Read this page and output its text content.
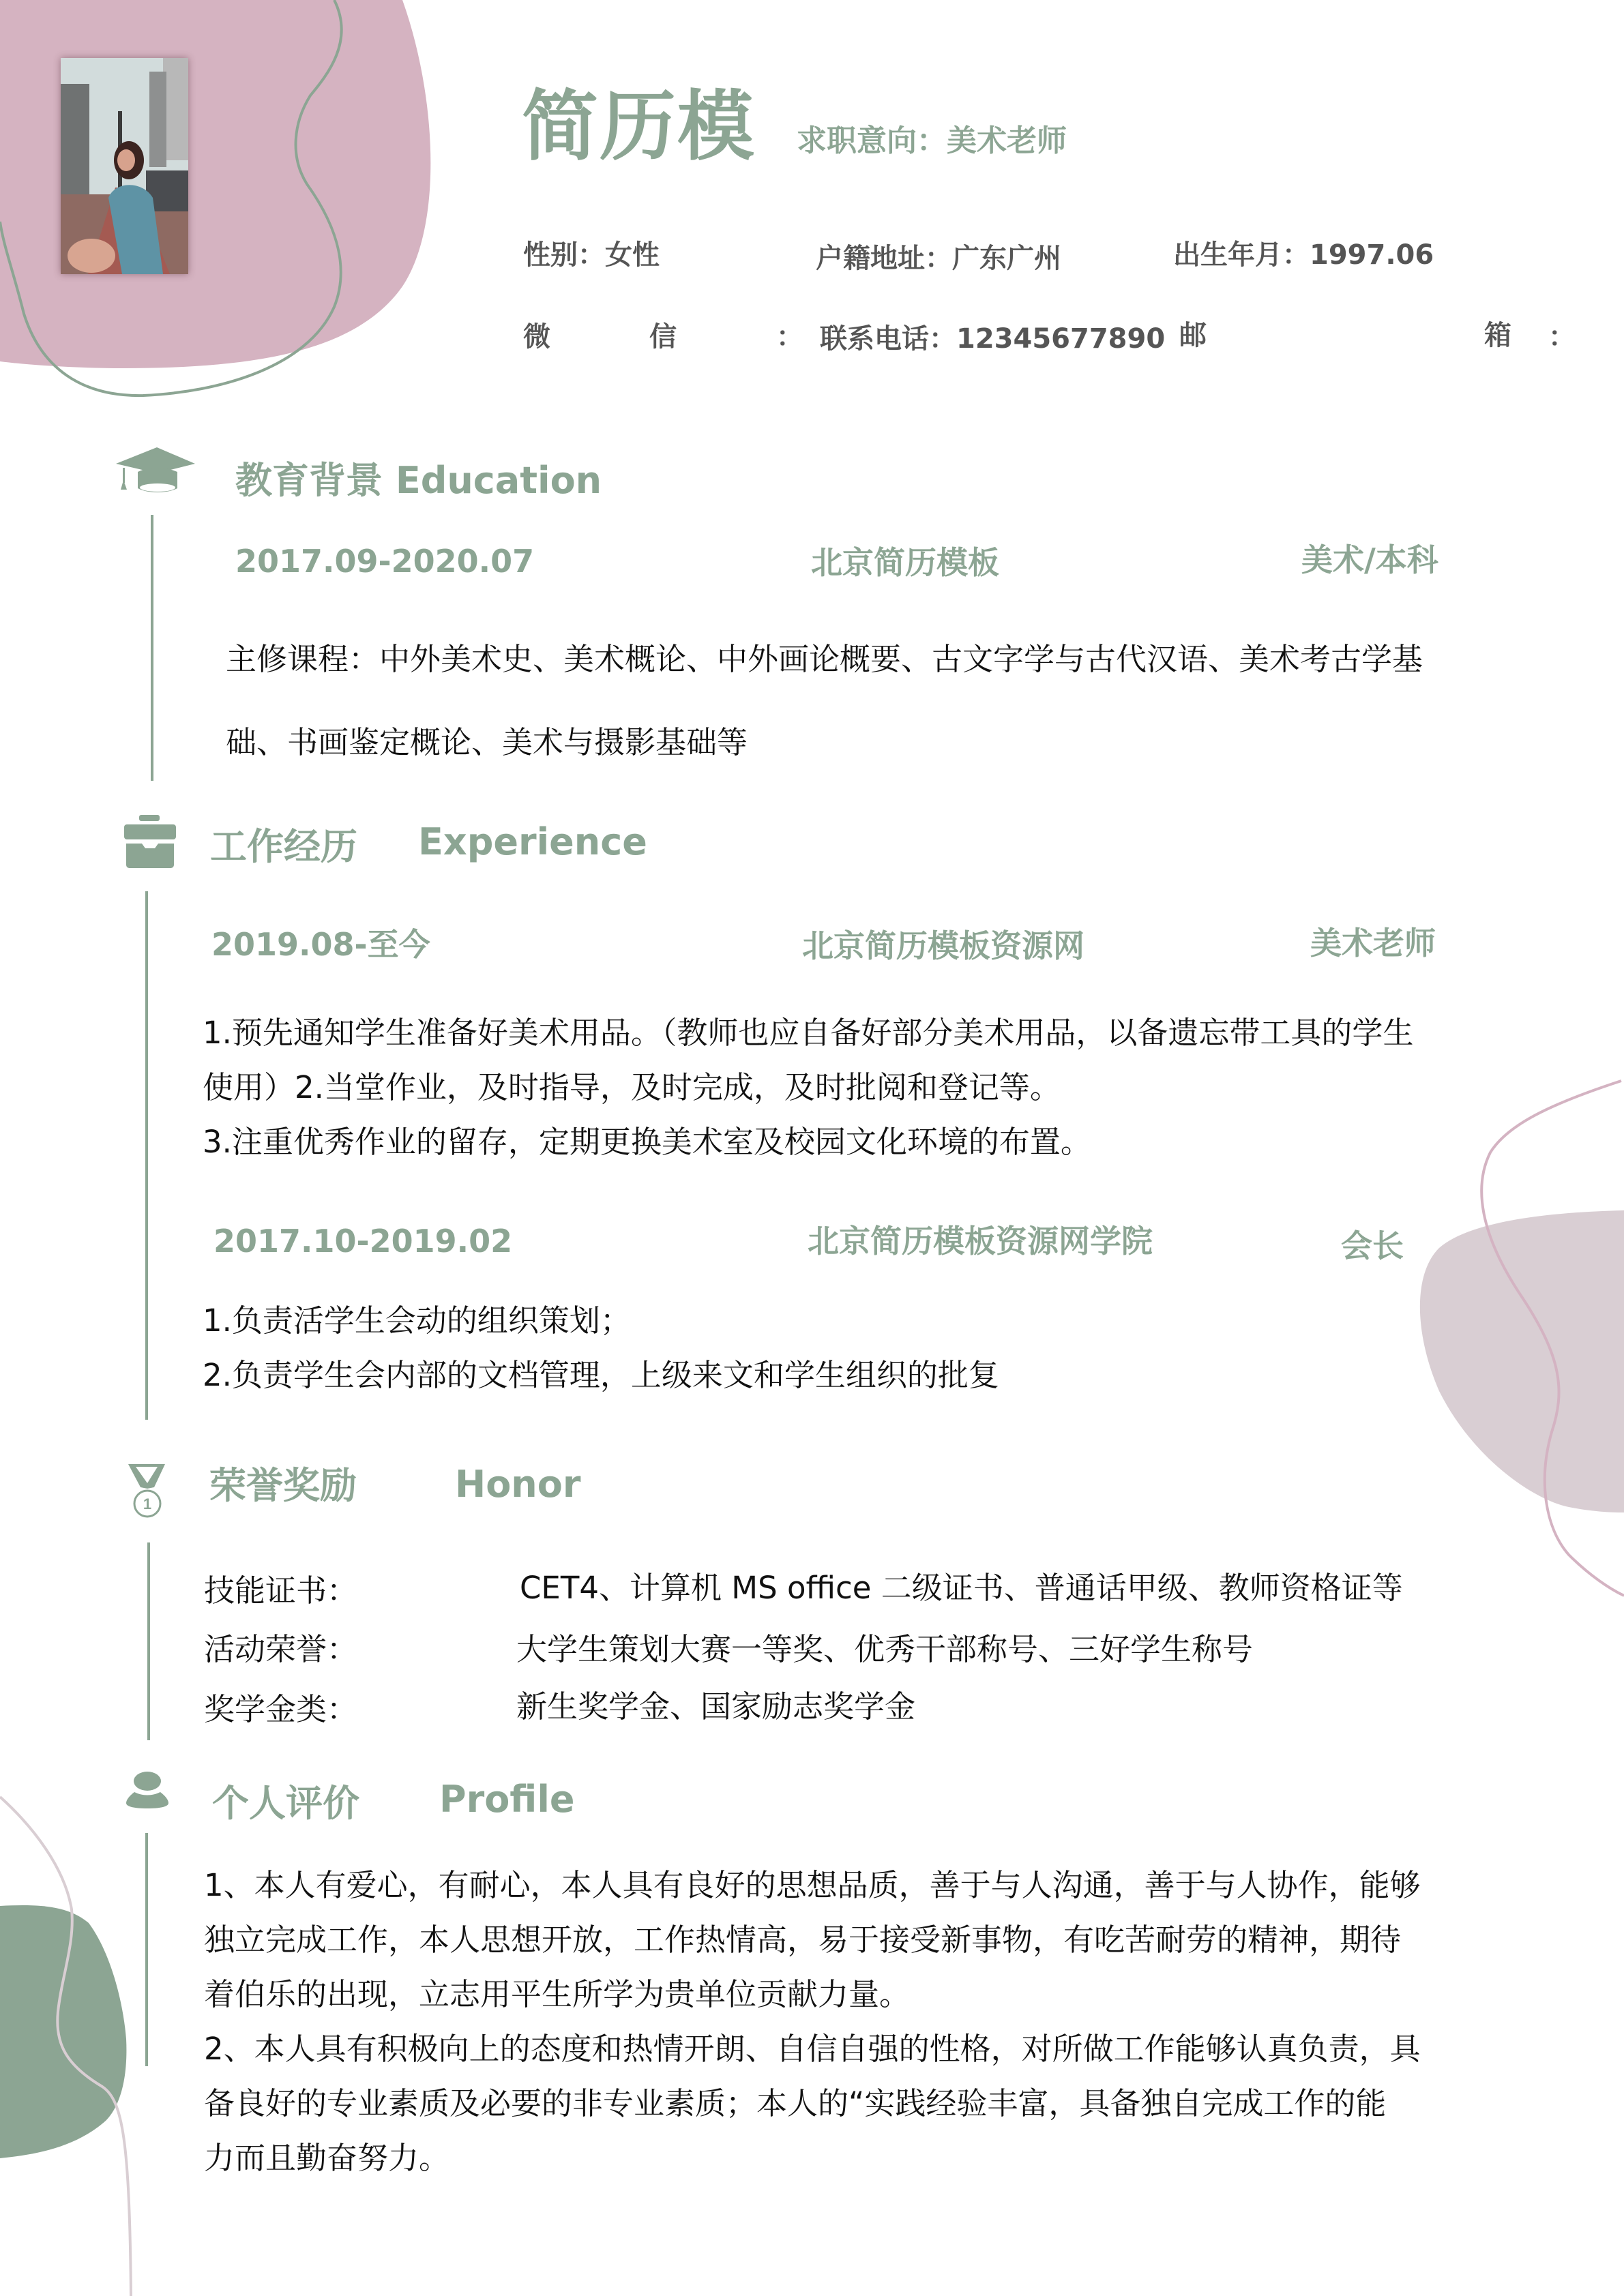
简历模 求职意向：美术老师
性别：女性	户籍地址：广东广州	出生年月：1997.06
微	信	： 联系电话：12345677890 邮	箱 ：
教育背景 Education
2017.09-2020.07	北京简历模板	美术/本科
主修课程：中外美术史、美术概论、中外画论概要、古文字学与古代汉语、美术考古学基
础、书画鉴定概论、美术与摄影基础等
工作经历 Experience
2019.08-至今	北京简历模板资源网	美术老师
1.预先通知学生准备好美术用品。（教师也应自备好部分美术用品，以备遗忘带工具的学生
使用）2.当堂作业，及时指导，及时完成，及时批阅和登记等。
3.注重优秀作业的留存，定期更换美术室及校园文化环境的布置。
2017.10-2019.02	北京简历模板资源网学院	会长
1.负责活学生会动的组织策划；
2.负责学生会内部的文档管理，上级来文和学生组织的批复
1 荣誉奖励	Honor
技能证书：	CET4、计算机 MS office 二级证书、普通话甲级、教师资格证等
活动荣誉：	大学生策划大赛一等奖、优秀干部称号、三好学生称号
奖学金类：	新生奖学金、国家励志奖学金
个人评价 Profile
1、本人有爱心，有耐心，本人具有良好的思想品质，善于与人沟通，善于与人协作，能够
独立完成工作，本人思想开放，工作热情高，易于接受新事物，有吃苦耐劳的精神，期待
着伯乐的出现，立志用平生所学为贵单位贡献力量。
2、本人具有积极向上的态度和热情开朗、自信自强的性格，对所做工作能够认真负责，具
备良好的专业素质及必要的非专业素质；本人的“实践经验丰富，具备独自完成工作的能
力而且勤奋努力。
